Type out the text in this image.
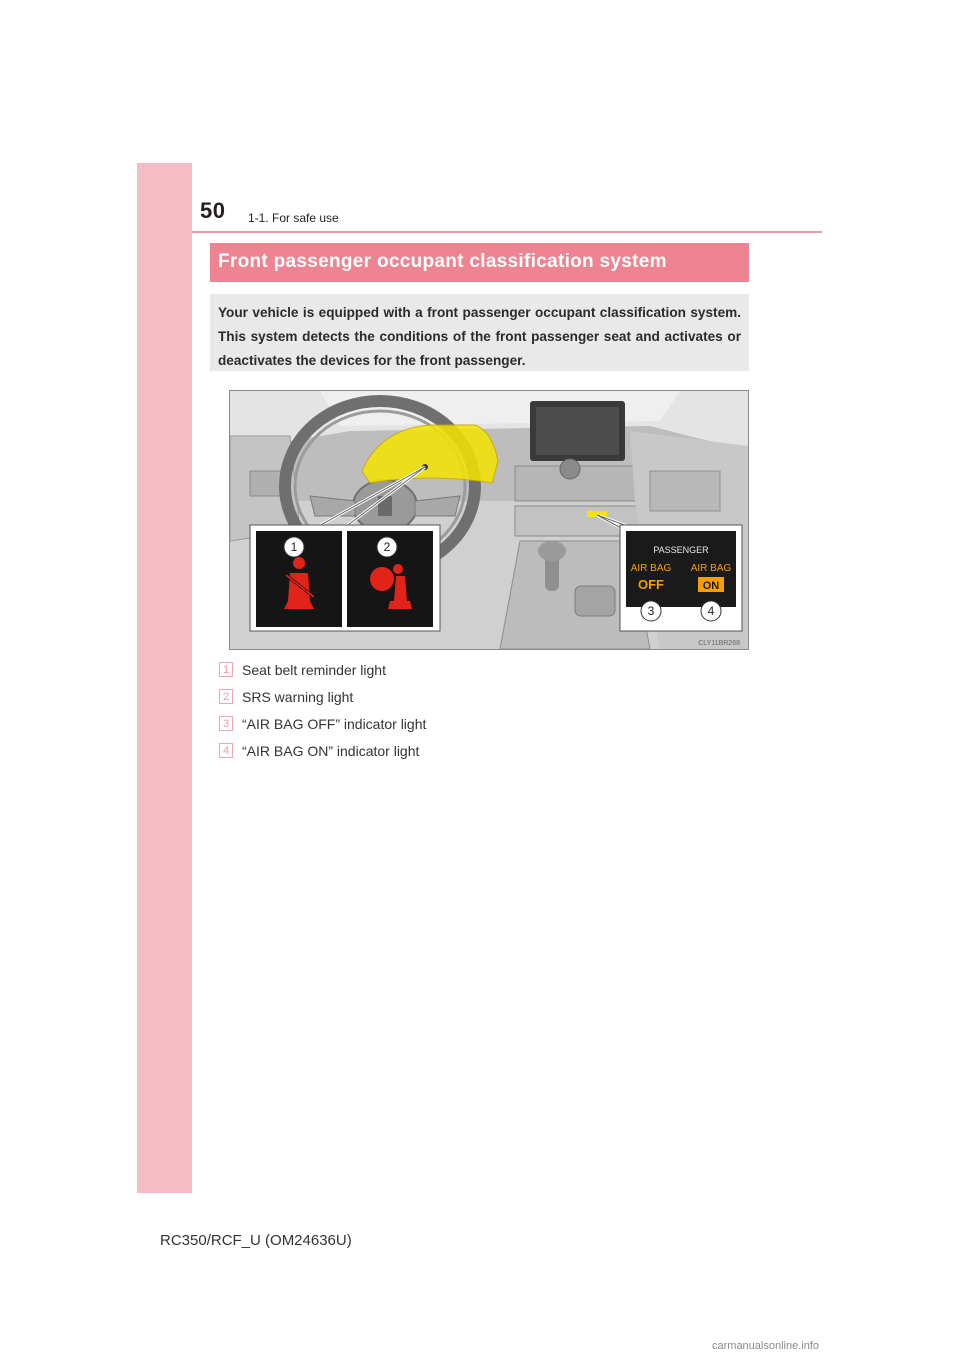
50 1-1. For safe use
Front passenger occupant classification system
Your vehicle is equipped with a front passenger occupant classification system. This system detects the conditions of the front passenger seat and activates or deactivates the devices for the front passenger.
1	2	PASSENGER
AIR BAG AIR BAG
OFF	ON
3	4
CLY11BR268
1 Seat belt reminder light
2 SRS warning light
3 “AIR BAG OFF” indicator light
4 “AIR BAG ON” indicator light
RC350/RCF_U (OM24636U)
carmanualsonline.info
